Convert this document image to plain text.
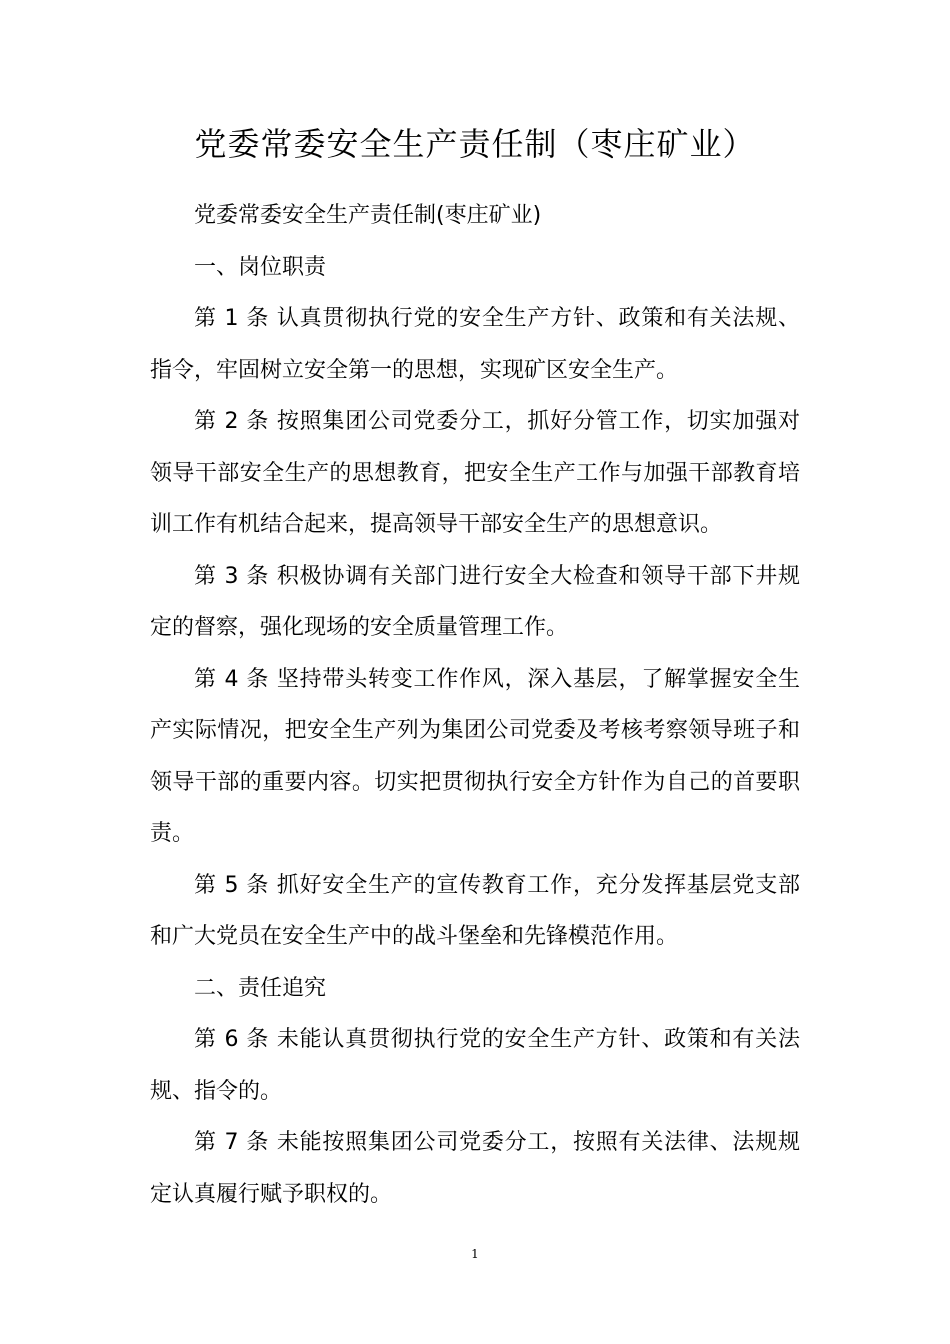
党委常委安全生产责任制（枣庄矿业）

党委常委安全生产责任制(枣庄矿业)

一、岗位职责

第 1 条 认真贯彻执行党的安全生产方针、政策和有关法规、指令，牢固树立安全第一的思想，实现矿区安全生产。

第 2 条 按照集团公司党委分工，抓好分管工作，切实加强对领导干部安全生产的思想教育，把安全生产工作与加强干部教育培训工作有机结合起来，提高领导干部安全生产的思想意识。

第 3 条 积极协调有关部门进行安全大检查和领导干部下井规定的督察，强化现场的安全质量管理工作。

第 4 条 坚持带头转变工作作风，深入基层，了解掌握安全生产实际情况，把安全生产列为集团公司党委及考核考察领导班子和领导干部的重要内容。切实把贯彻执行安全方针作为自己的首要职责。

第 5 条 抓好安全生产的宣传教育工作，充分发挥基层党支部和广大党员在安全生产中的战斗堡垒和先锋模范作用。

二、责任追究

第 6 条 未能认真贯彻执行党的安全生产方针、政策和有关法规、指令的。

第 7 条 未能按照集团公司党委分工，按照有关法律、法规规定认真履行赋予职权的。

1
